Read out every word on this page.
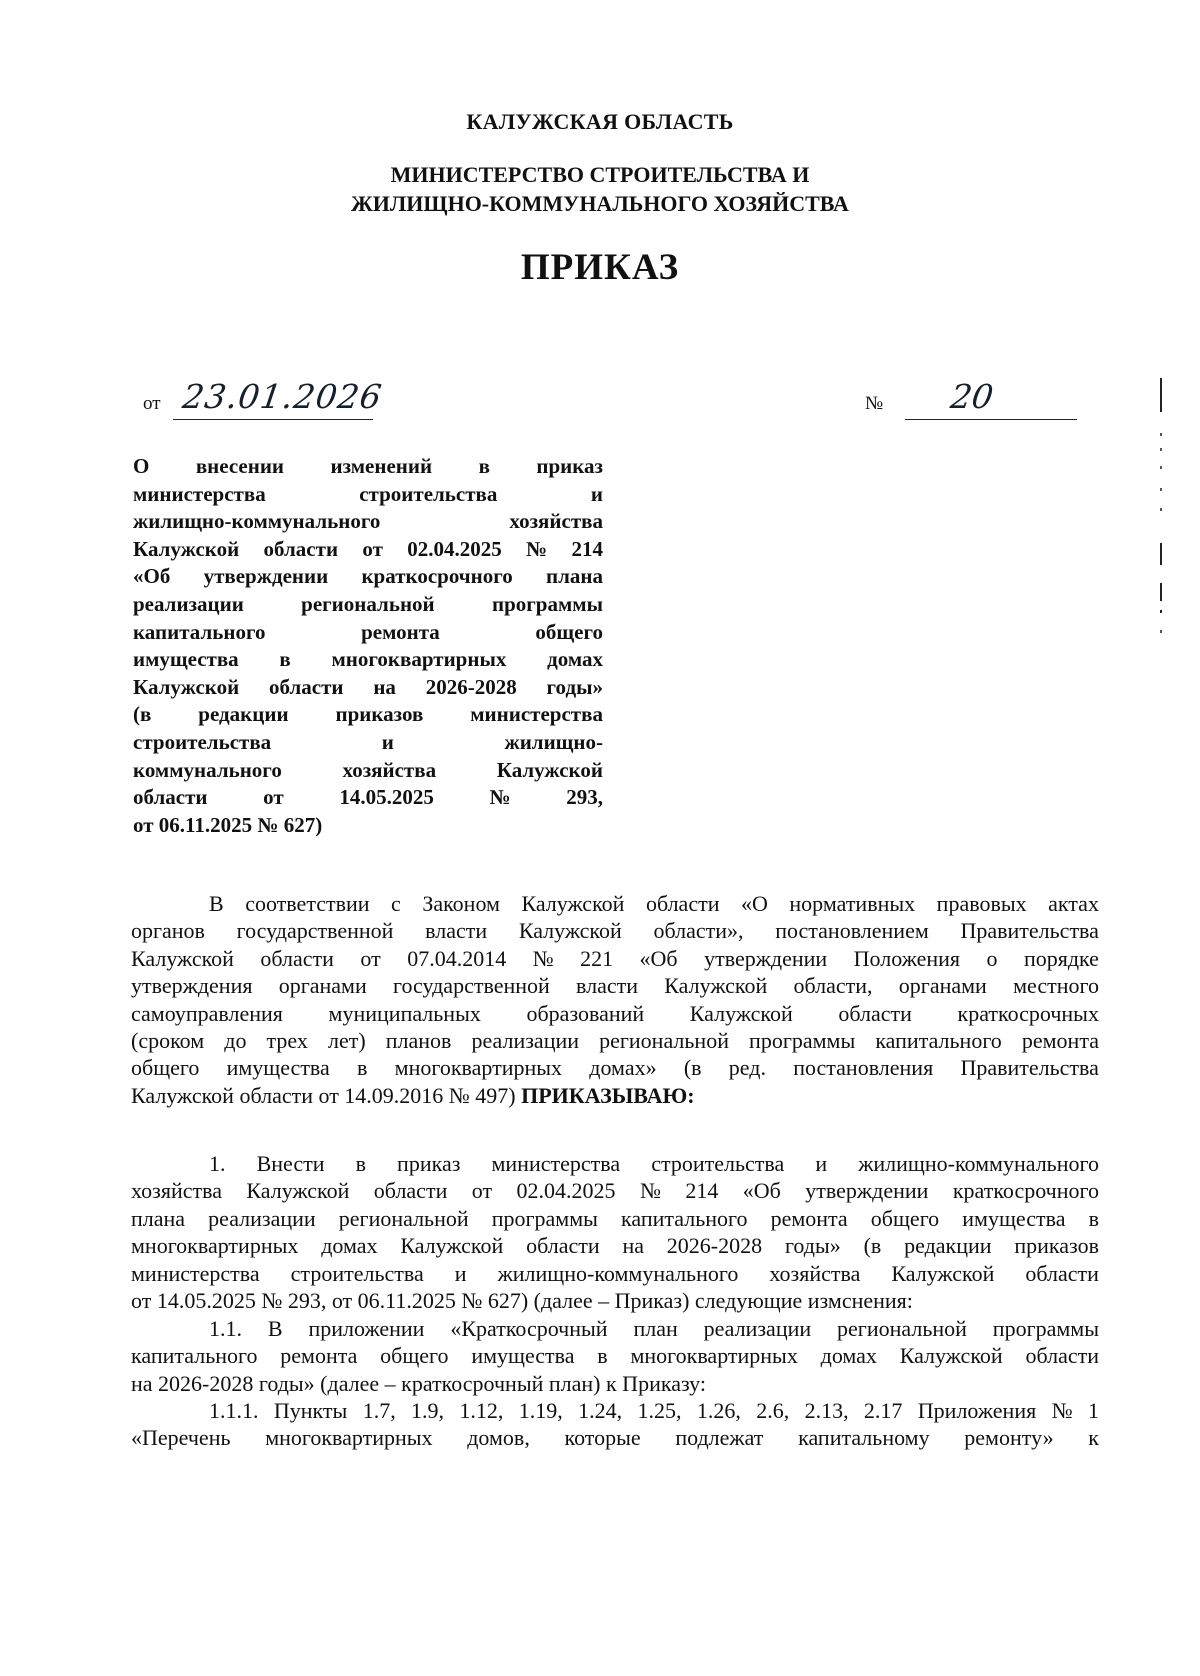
КАЛУЖСКАЯ ОБЛАСТЬ
МИНИСТЕРСТВО СТРОИТЕЛЬСТВА И
ЖИЛИЩНО-КОММУНАЛЬНОГО ХОЗЯЙСТВА
ПРИКАЗ
от 23.01.2026	№ 20
О внесении изменений в приказ
министерства	строительства	и
жилищно-коммунального	хозяйства
Калужской области от 02.04.2025 № 214
«Об утверждении краткосрочного плана
реализации	региональной	программы
капитального	ремонта	общего
имущества в многоквартирных домах
Калужской области на 2026-2028 годы»
(в редакции приказов министерства
строительства	и	жилищно-
коммунального	хозяйства	Калужской
области	от	14.05.2025	№	293,
от 06.11.2025 № 627)
В соответствии с Законом Калужской области «О нормативных правовых актах
органов государственной власти Калужской области», постановлением Правительства
Калужской области от 07.04.2014 № 221 «Об утверждении Положения о порядке
утверждения органами государственной власти Калужской области, органами местного
самоуправления муниципальных образований Калужской области краткосрочных
(сроком до трех лет) планов реализации региональной программы капитального ремонта
общего имущества в многоквартирных домах» (в ред. постановления Правительства
Калужской области от 14.09.2016 № 497) ПРИКАЗЫВАЮ:
1. Внести в приказ министерства строительства и жилищно-коммунального
хозяйства Калужской области от 02.04.2025 № 214 «Об утверждении краткосрочного
плана реализации региональной программы капитального ремонта общего имущества в
многоквартирных домах Калужской области на 2026-2028 годы» (в редакции приказов
министерства строительства и жилищно-коммунального хозяйства Калужской области
от 14.05.2025 № 293, от 06.11.2025 № 627) (далее – Приказ) следующие измснения:
1.1. В приложении «Краткосрочный план реализации региональной программы
капитального ремонта общего имущества в многоквартирных домах Калужской области
на 2026-2028 годы» (далее – краткосрочный план) к Приказу:
1.1.1. Пункты 1.7, 1.9, 1.12, 1.19, 1.24, 1.25, 1.26, 2.6, 2.13, 2.17 Приложения № 1
«Перечень многоквартирных домов, которые подлежат капитальному ремонту» к
